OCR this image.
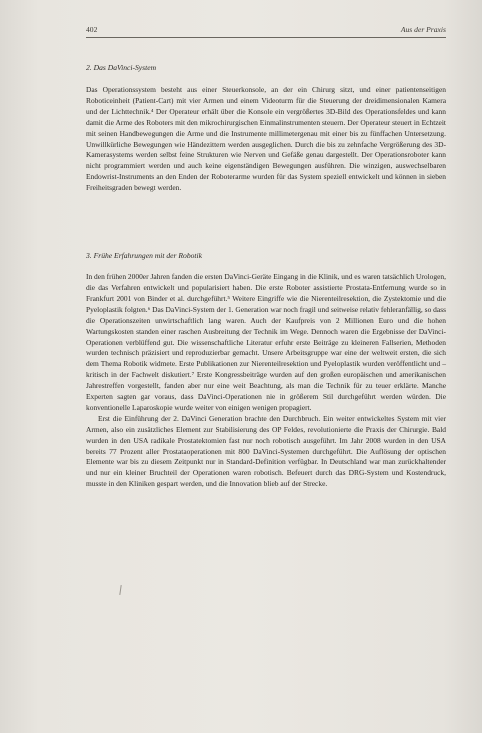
402	Aus der Praxis
2. Das DaVinci-System

Das Operationssystem besteht aus einer Steuerkonsole, an der ein Chirurg sitzt, und einer patientenseitigen Roboticeinheit (Patient-Cart) mit vier Armen und einem Videoturm für die Steuerung der dreidimensionalen Kamera und der Lichttechnik.⁴ Der Operateur erhält über die Konsole ein vergrößertes 3D-Bild des Operationsfeldes und kann damit die Arme des Roboters mit den mikrochirurgischen Einmalinstrumenten steuern. Der Operateur steuert in Echtzeit mit seinen Handbewegungen die Arme und die Instrumente millimetergenau mit einer bis zu fünffachen Untersetzung. Unwillkürliche Bewegungen wie Händezittern werden ausgeglichen. Durch die bis zu zehnfache Vergrößerung des 3D-Kamerasystems werden selbst feine Strukturen wie Nerven und Gefäße genau dargestellt. Der Operationsroboter kann nicht programmiert werden und auch keine eigenständigen Bewegungen ausführen. Die winzigen, auswechselbaren Endowrist-Instruments an den Enden der Roboterarme wurden für das System speziell entwickelt und können in sieben Freiheitsgraden bewegt werden.

3. Frühe Erfahrungen mit der Robotik

In den frühen 2000er Jahren fanden die ersten DaVinci-Geräte Eingang in die Klinik, und es waren tatsächlich Urologen, die das Verfahren entwickelt und popularisiert haben. Die erste Roboter assistierte Prostata-Entfernung wurde so in Frankfurt 2001 von Binder et al. durchgeführt.⁵ Weitere Eingriffe wie die Nierenteilresektion, die Zystektomie und die Pyeloplastik folgten.⁶ Das DaVinci-System der 1. Generation war noch fragil und seitweise relativ fehleranfällig, so dass die Operationszeiten unwirtschaftlich lang waren. Auch der Kaufpreis von 2 Millionen Euro und die hohen Wartungskosten standen einer raschen Ausbreitung der Technik im Wege. Dennoch waren die Ergebnisse der DaVinci-Operationen verblüffend gut. Die wissenschaftliche Literatur erfuhr erste Beiträge zu kleineren Fallserien, Methoden wurden technisch präzisiert und reproduzierbar gemacht. Unsere Arbeitsgruppe war eine der weltweit ersten, die sich dem Thema Robotik widmete. Erste Publikationen zur Nierenteilresektion und Pyeloplastik wurden veröffentlicht und – kritisch in der Fachwelt diskutiert.⁷ Erste Kongressbeiträge wurden auf den großen europäischen und amerikanischen Jahrestreffen vorgestellt, fanden aber nur eine weit Beachtung, als man die Technik für zu teuer erklärte. Manche Experten sagten gar voraus, dass DaVinci-Operationen nie in größerem Stil durchgeführt werden würden. Die konventionelle Laparoskopie wurde weiter von einigen wenigen propagiert.

Erst die Einführung der 2. DaVinci Generation brachte den Durchbruch. Ein weiter entwickeltes System mit vier Armen, also ein zusätzliches Element zur Stabilisierung des OP Feldes, revolutionierte die Praxis der Chirurgie. Bald wurden in den USA radikale Prostatektomien fast nur noch robotisch ausgeführt. Im Jahr 2008 wurden in den USA bereits 77 Prozent aller Prostataoperationen mit 800 DaVinci-Systemen durchgeführt. Die Auflösung der optischen Elemente war bis zu diesem Zeitpunkt nur in Standard-Definition verfügbar. In Deutschland war man zurückhaltender und nur ein kleiner Bruchteil der Operationen waren robotisch. Befeuert durch das DRG-System und Kostendruck, musste in den Kliniken gespart werden, und die Innovation blieb auf der Strecke.
